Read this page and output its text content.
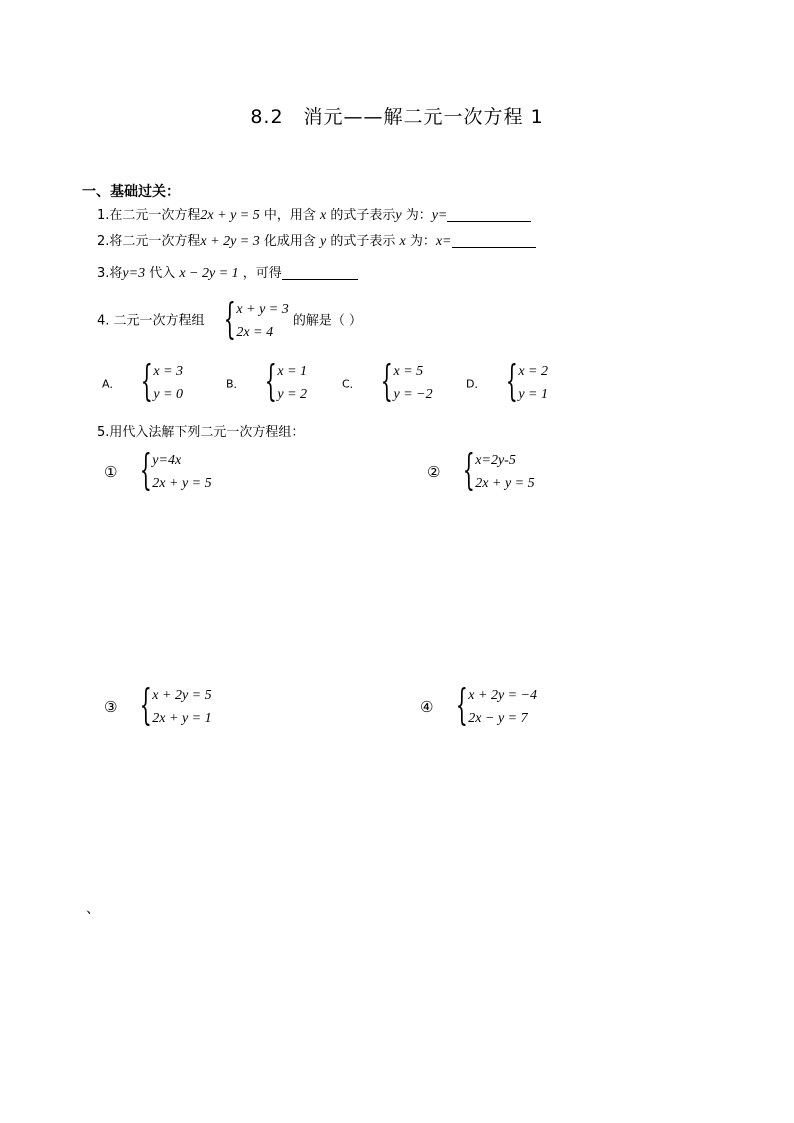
8.2　消元——解二元一次方程 1
一、基础过关：
1.在二元一次方程2x + y = 5 中，用含 x 的式子表示y 为：y=
2.将二元一次方程x + 2y = 3 化成用含 y 的式子表示 x 为：x=
3.将y=3 代入 x − 2y = 1 ，可得
4. 二元一次方程组 { x + y = 3
2x = 4
的解是（ ）
A． { x = 3
y = 0
B． { x = 1
y = 2
C． { x = 5
y = −2
D． { x = 2
y = 1
5.用代入法解下列二元一次方程组：
① { y=4x
2x + y = 5
② { x=2y-5
2x + y = 5
③ { x + 2y = 5
2x + y = 1
④ { x + 2y = −4
2x − y = 7
、
